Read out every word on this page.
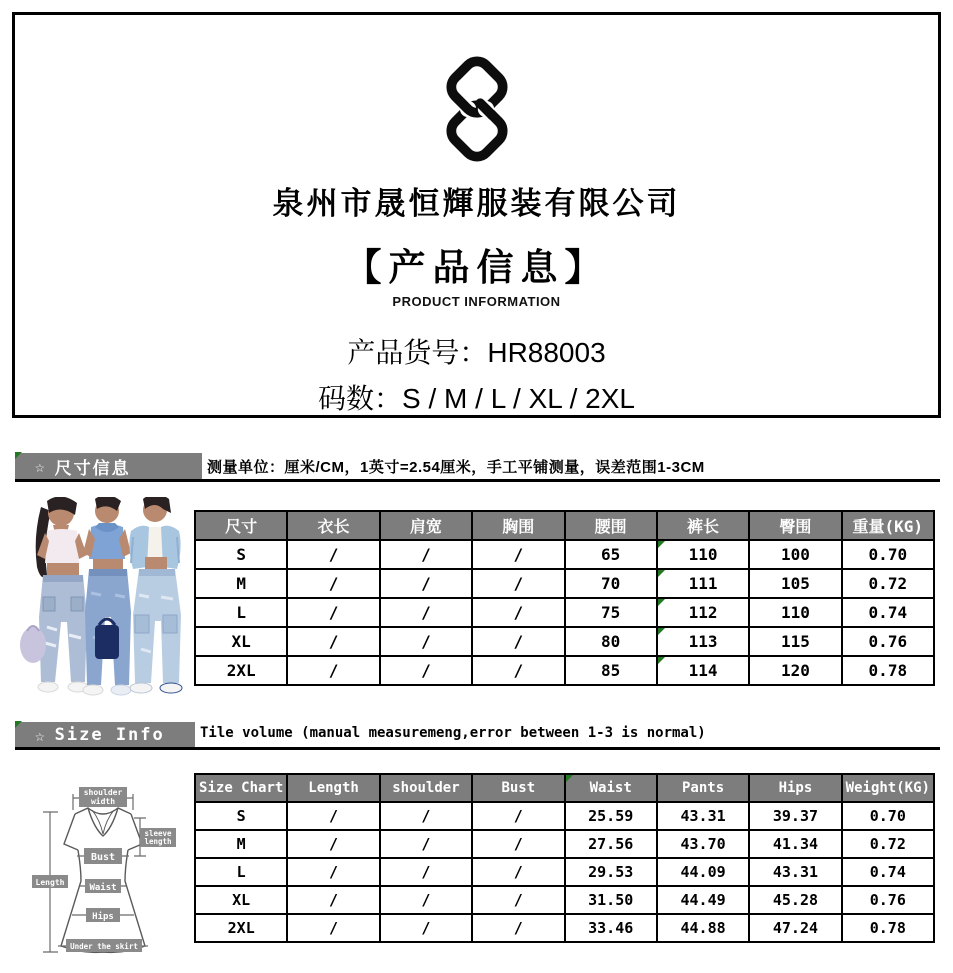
泉州市晟恒輝服装有限公司
【产品信息】
PRODUCT INFORMATION
产品货号：HR88003
码数：S / M / L / XL / 2XL
☆ 尺寸信息	测量单位：厘米/CM，1英寸=2.54厘米，手工平铺测量，误差范围1-3CM
尺寸	衣长	肩宽	胸围	腰围	裤长	臀围	重量(KG)
S	/	/	/	65	110	100	0.70
M	/	/	/	70	111	105	0.72
L	/	/	/	75	112	110	0.74
XL	/	/	/	80	113	115	0.76
2XL	/	/	/	85	114	120	0.78
☆ Size Info	Tile volume (manual measuremeng,error between 1-3 is normal)
shoulder
width
sleeve
length
Length
Bust
Waist
Hips
Under the skirt
Size Chart	Length	shoulder	Bust	Waist	Pants	Hips	Weight(KG)
S	/	/	/	25.59	43.31	39.37	0.70
M	/	/	/	27.56	43.70	41.34	0.72
L	/	/	/	29.53	44.09	43.31	0.74
XL	/	/	/	31.50	44.49	45.28	0.76
2XL	/	/	/	33.46	44.88	47.24	0.78
